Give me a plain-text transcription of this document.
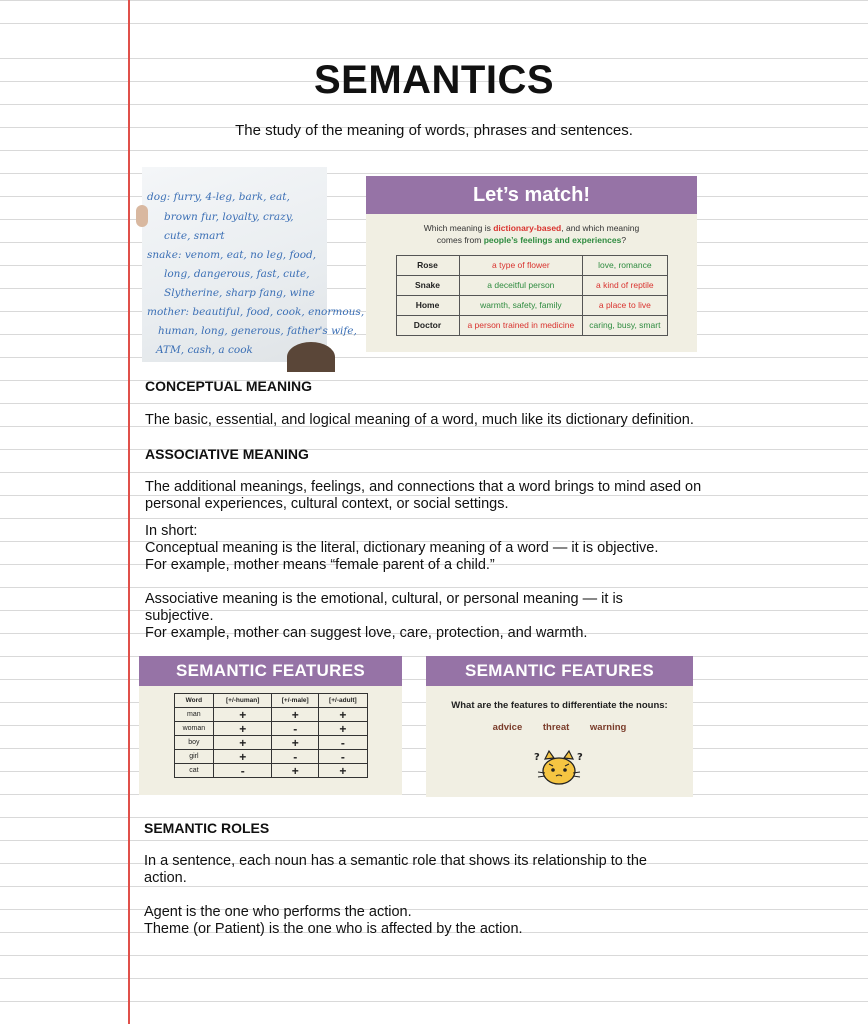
SEMANTICS
The study of the meaning of words, phrases and sentences.
dog: furry, 4-leg, bark, eat,
brown fur, loyalty, crazy,
cute, smart
snake: venom, eat, no leg, food,
long, dangerous, fast, cute,
Slytherine, sharp fang, wine
mother: beautiful, food, cook, enormous,
human, long, generous, father's wife,
ATM, cash, a cook
Let’s match!
Which meaning is dictionary-based, and which meaning
comes from people’s feelings and experiences?
Rose	a type of flower	love, romance
Snake	a deceitful person	a kind of reptile
Home	warmth, safety, family	a place to live
Doctor	a person trained in medicine	caring, busy, smart
CONCEPTUAL MEANING
The basic, essential, and logical meaning of a word, much like its dictionary definition.
ASSOCIATIVE MEANING
The additional meanings, feelings, and connections that a word brings to mind ased on
personal experiences, cultural context, or social settings.
In short:
Conceptual meaning is the literal, dictionary meaning of a word — it is objective.
For example, mother means “female parent of a child.”
Associative meaning is the emotional, cultural, or personal meaning — it is
subjective.
For example, mother can suggest love, care, protection, and warmth.
SEMANTIC FEATURES
Word	[+/-human]	[+/-male]	[+/-adult]
man	+	+	+
woman	+	-	+
boy	+	+	-
girl	+	-	-
cat	-	+	+
SEMANTIC FEATURES
What are the features to differentiate the nouns:
advice threat warning
?	?
SEMANTIC ROLES
In a sentence, each noun has a semantic role that shows its relationship to the
action.
Agent is the one who performs the action.
Theme (or Patient) is the one who is affected by the action.
